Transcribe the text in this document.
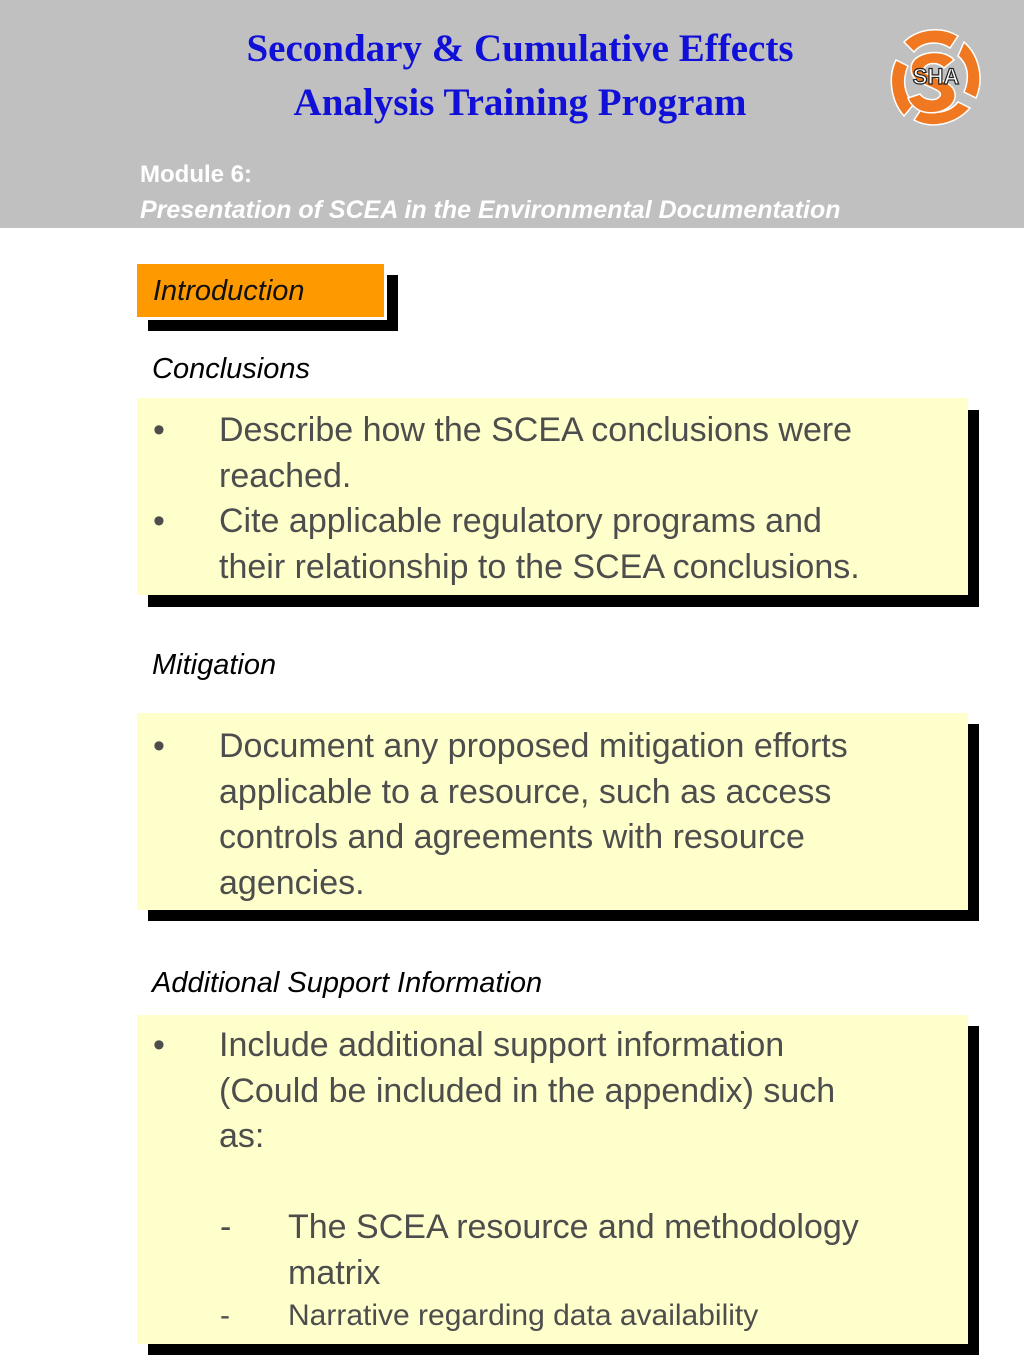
Secondary & Cumulative Effects
Analysis Training Program
SHA
Module 6:
Presentation of SCEA in the Environmental Documentation
Introduction
Conclusions
• Describe how the SCEA conclusions were
reached.
• Cite applicable regulatory programs and
their relationship to the SCEA conclusions.
Mitigation
• Document any proposed mitigation efforts
applicable to a resource, such as access
controls and agreements with resource
agencies.
Additional Support Information
• Include additional support information
(Could be included in the appendix) such
as:
- The SCEA resource and methodology
matrix
- Narrative regarding data availability
